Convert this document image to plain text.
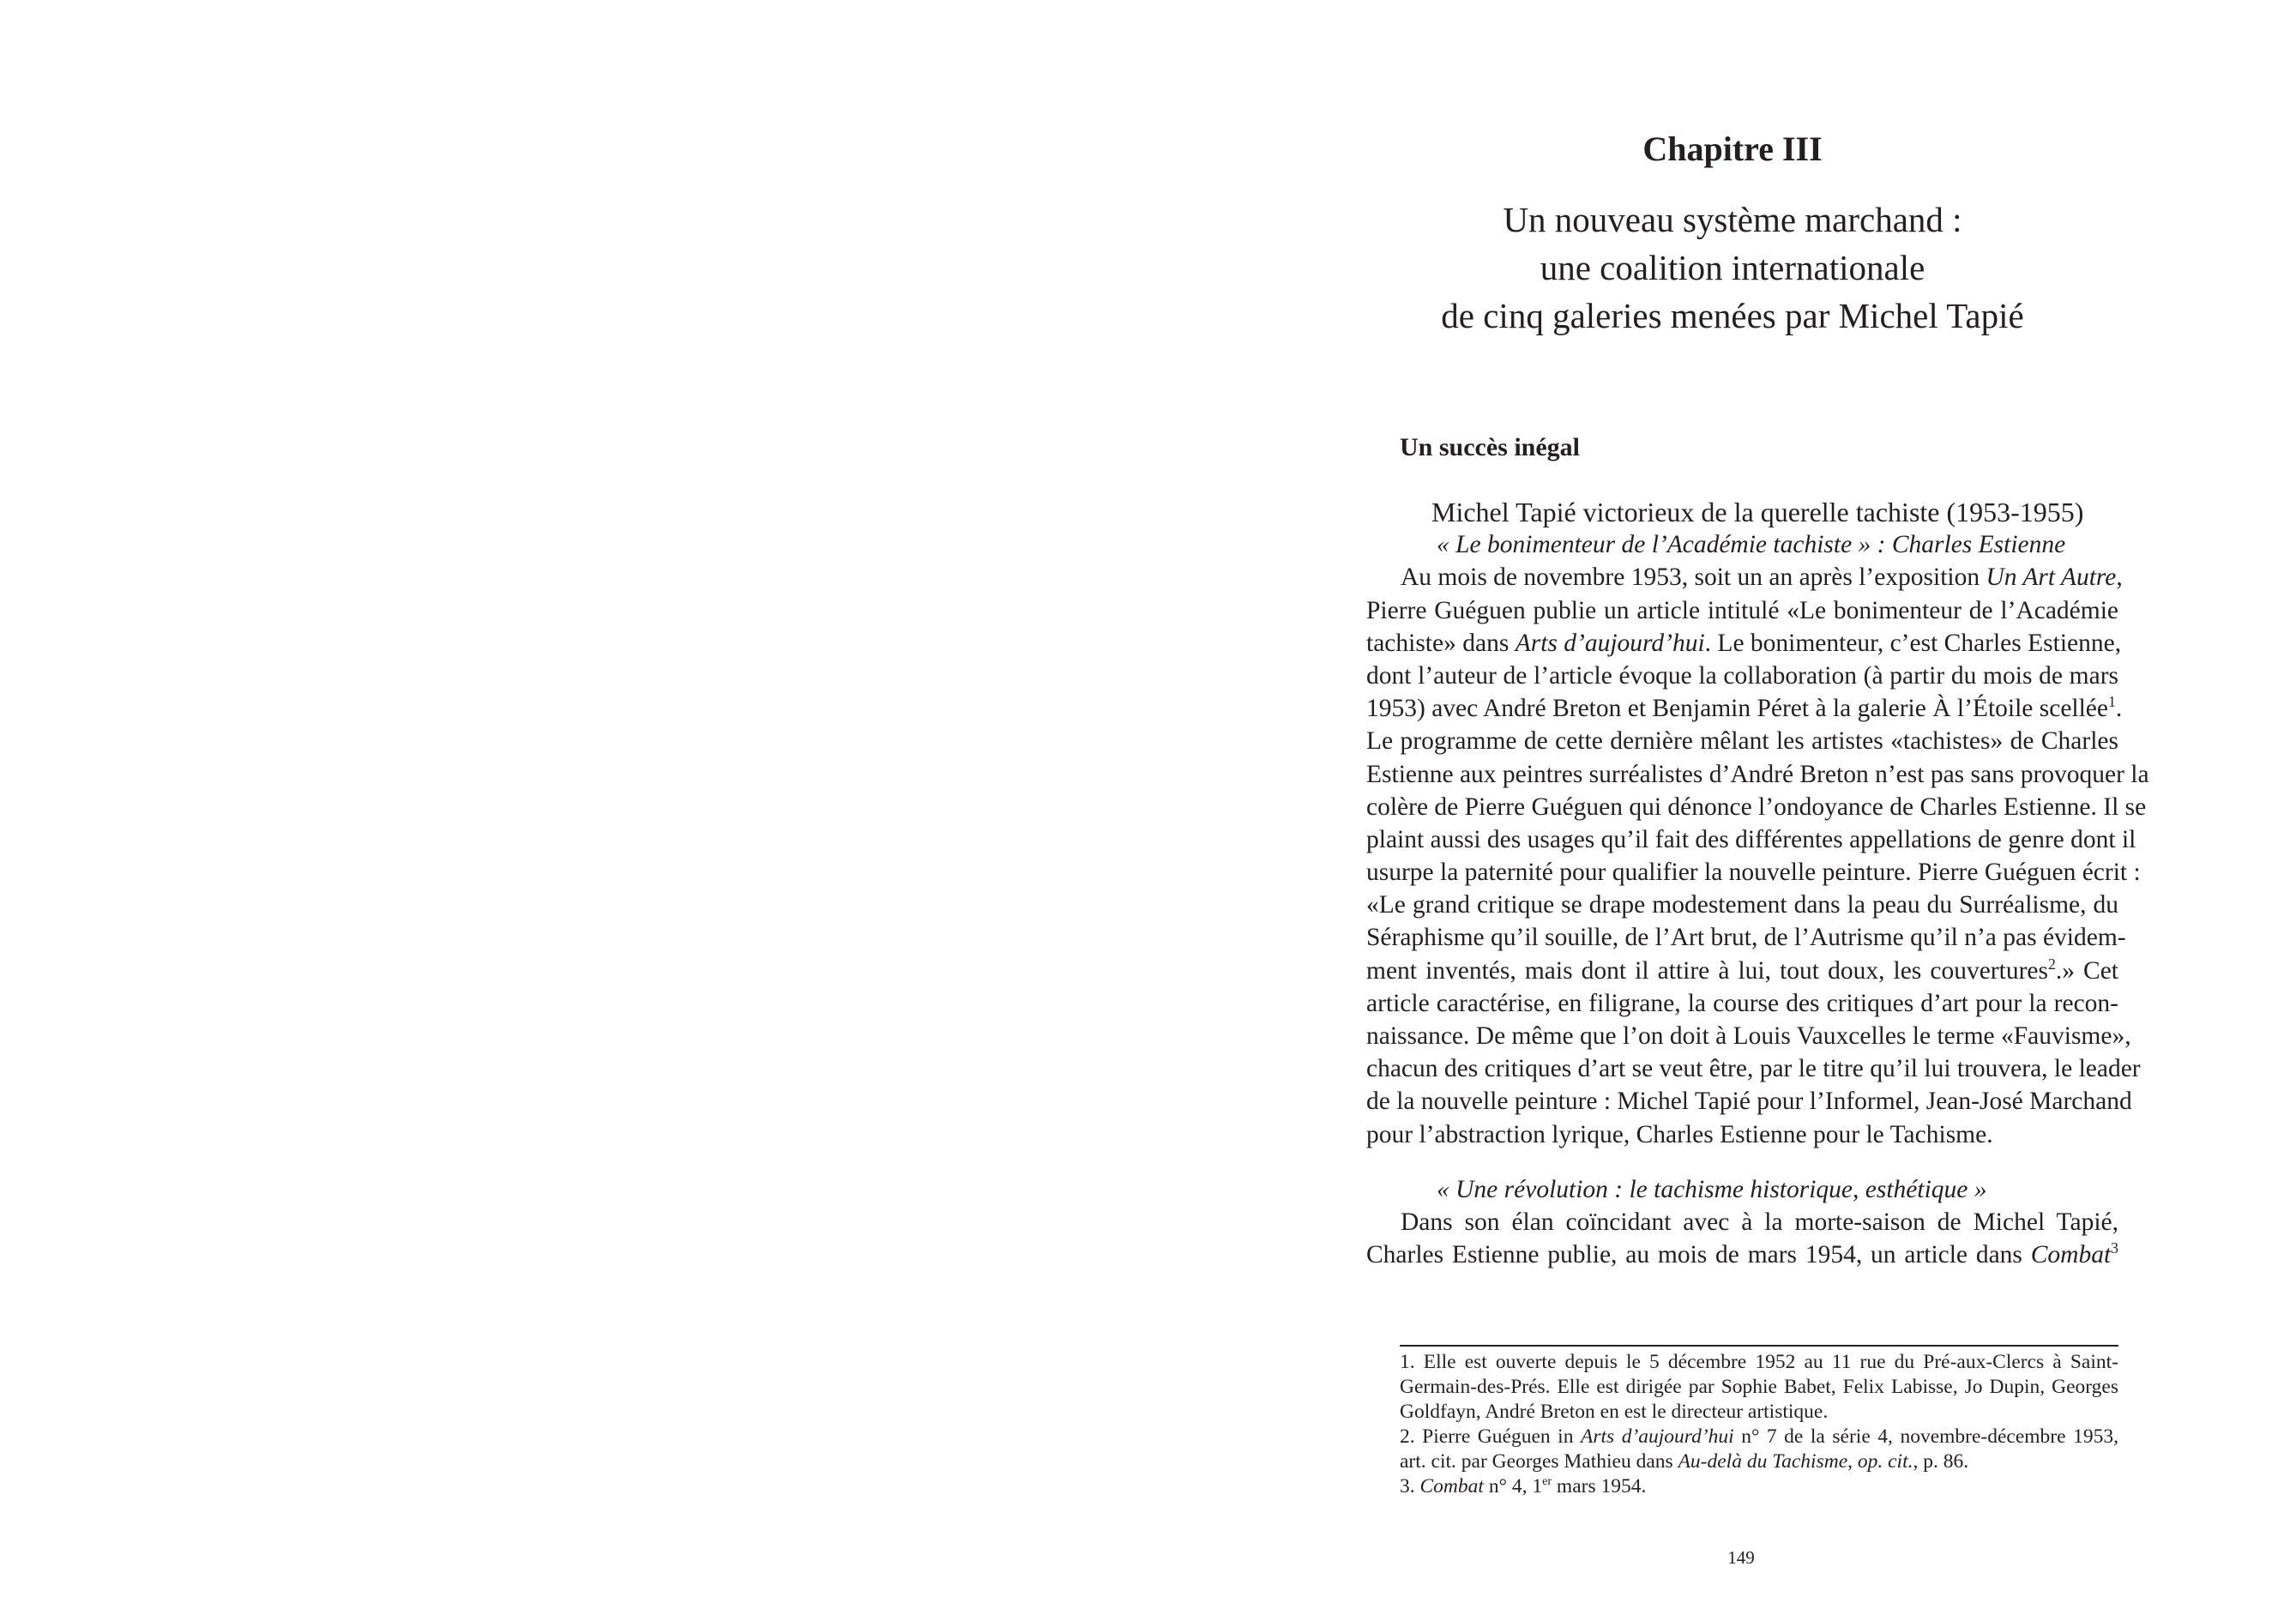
Chapitre III
Un nouveau système marchand :
une coalition internationale
de cinq galeries menées par Michel Tapié
Un succès inégal
Michel Tapié victorieux de la querelle tachiste (1953-1955)
« Le bonimenteur de l’Académie tachiste » : Charles Estienne
Au mois de novembre 1953, soit un an après l’exposition Un Art Autre,
Pierre Guéguen publie un article intitulé «Le bonimenteur de l’Académie
tachiste» dans Arts d’aujourd’hui. Le bonimenteur, c’est Charles Estienne,
dont l’auteur de l’article évoque la collaboration (à partir du mois de mars
1953) avec André Breton et Benjamin Péret à la galerie À l’Étoile scellée$^1$.
Le programme de cette dernière mêlant les artistes «tachistes» de Charles
Estienne aux peintres surréalistes d’André Breton n’est pas sans provoquer la
colère de Pierre Guéguen qui dénonce l’ondoyance de Charles Estienne. Il se
plaint aussi des usages qu’il fait des différentes appellations de genre dont il
usurpe la paternité pour qualifier la nouvelle peinture. Pierre Guéguen écrit :
«Le grand critique se drape modestement dans la peau du Surréalisme, du
Séraphisme qu’il souille, de l’Art brut, de l’Autrisme qu’il n’a pas évidem-
ment inventés, mais dont il attire à lui, tout doux, les couvertures$^2$.» Cet
article caractérise, en filigrane, la course des critiques d’art pour la recon-
naissance. De même que l’on doit à Louis Vauxcelles le terme «Fauvisme»,
chacun des critiques d’art se veut être, par le titre qu’il lui trouvera, le leader
de la nouvelle peinture : Michel Tapié pour l’Informel, Jean-José Marchand
pour l’abstraction lyrique, Charles Estienne pour le Tachisme.
« Une révolution : le tachisme historique, esthétique »
Dans son élan coïncidant avec à la morte-saison de Michel Tapié,
Charles Estienne publie, au mois de mars 1954, un article dans Combat$^3$
1. Elle est ouverte depuis le 5 décembre 1952 au 11 rue du Pré-aux-Clercs à Saint-
Germain-des-Prés. Elle est dirigée par Sophie Babet, Felix Labisse, Jo Dupin, Georges
Goldfayn, André Breton en est le directeur artistique.
2. Pierre Guéguen in Arts d’aujourd’hui n° 7 de la série 4, novembre-décembre 1953,
art. cit. par Georges Mathieu dans Au-delà du Tachisme, op. cit., p. 86.
3. Combat n° 4, 1er mars 1954.
149
